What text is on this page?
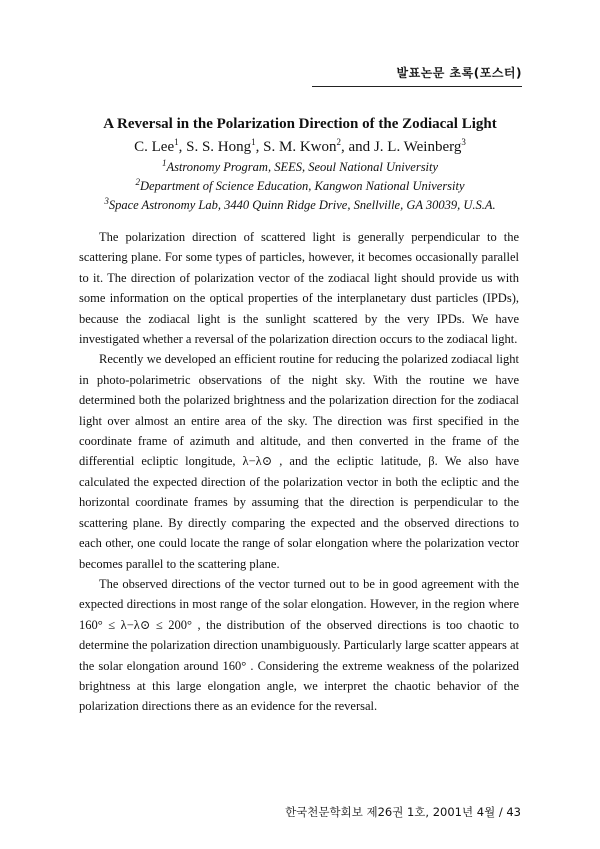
발표논문 초록(포스터)
A Reversal in the Polarization Direction of the Zodiacal Light
C. Lee$^1$, S. S. Hong$^1$, S. M. Kwon$^2$, and J. L. Weinberg$^3$
$^1$Astronomy Program, SEES, Seoul National University
$^2$Department of Science Education, Kangwon National University
$^3$Space Astronomy Lab, 3440 Quinn Ridge Drive, Snellville, GA 30039, U.S.A.

The polarization direction of scattered light is generally perpendicular to the scattering plane. For some types of particles, however, it becomes occasionally parallel to it. The direction of polarization vector of the zodiacal light should provide us with some information on the optical properties of the interplanetary dust particles (IPDs), because the zodiacal light is the sunlight scattered by the very IPDs. We have investigated whether a reversal of the polarization direction occurs to the zodiacal light.

Recently we developed an efficient routine for reducing the polarized zodiacal light in photo-polarimetric observations of the night sky. With the routine we have determined both the polarized brightness and the polarization direction for the zodiacal light over almost an entire area of the sky. The direction was first specified in the coordinate frame of azimuth and altitude, and then converted in the frame of the differential ecliptic longitude, λ−λ⊙ , and the ecliptic latitude, β. We also have calculated the expected direction of the polarization vector in both the ecliptic and the horizontal coordinate frames by assuming that the direction is perpendicular to the scattering plane. By directly comparing the expected and the observed directions to each other, one could locate the range of solar elongation where the polarization vector becomes parallel to the scattering plane.

The observed directions of the vector turned out to be in good agreement with the expected directions in most range of the solar elongation. However, in the region where 160° ≤ λ−λ⊙ ≤ 200° , the distribution of the observed directions is too chaotic to determine the polarization direction unambiguously. Particularly large scatter appears at the solar elongation around 160° . Considering the extreme weakness of the polarized brightness at this large elongation angle, we interpret the chaotic behavior of the polarization directions there as an evidence for the reversal.

한국천문학회보 제26권 1호, 2001년 4월 / 43
